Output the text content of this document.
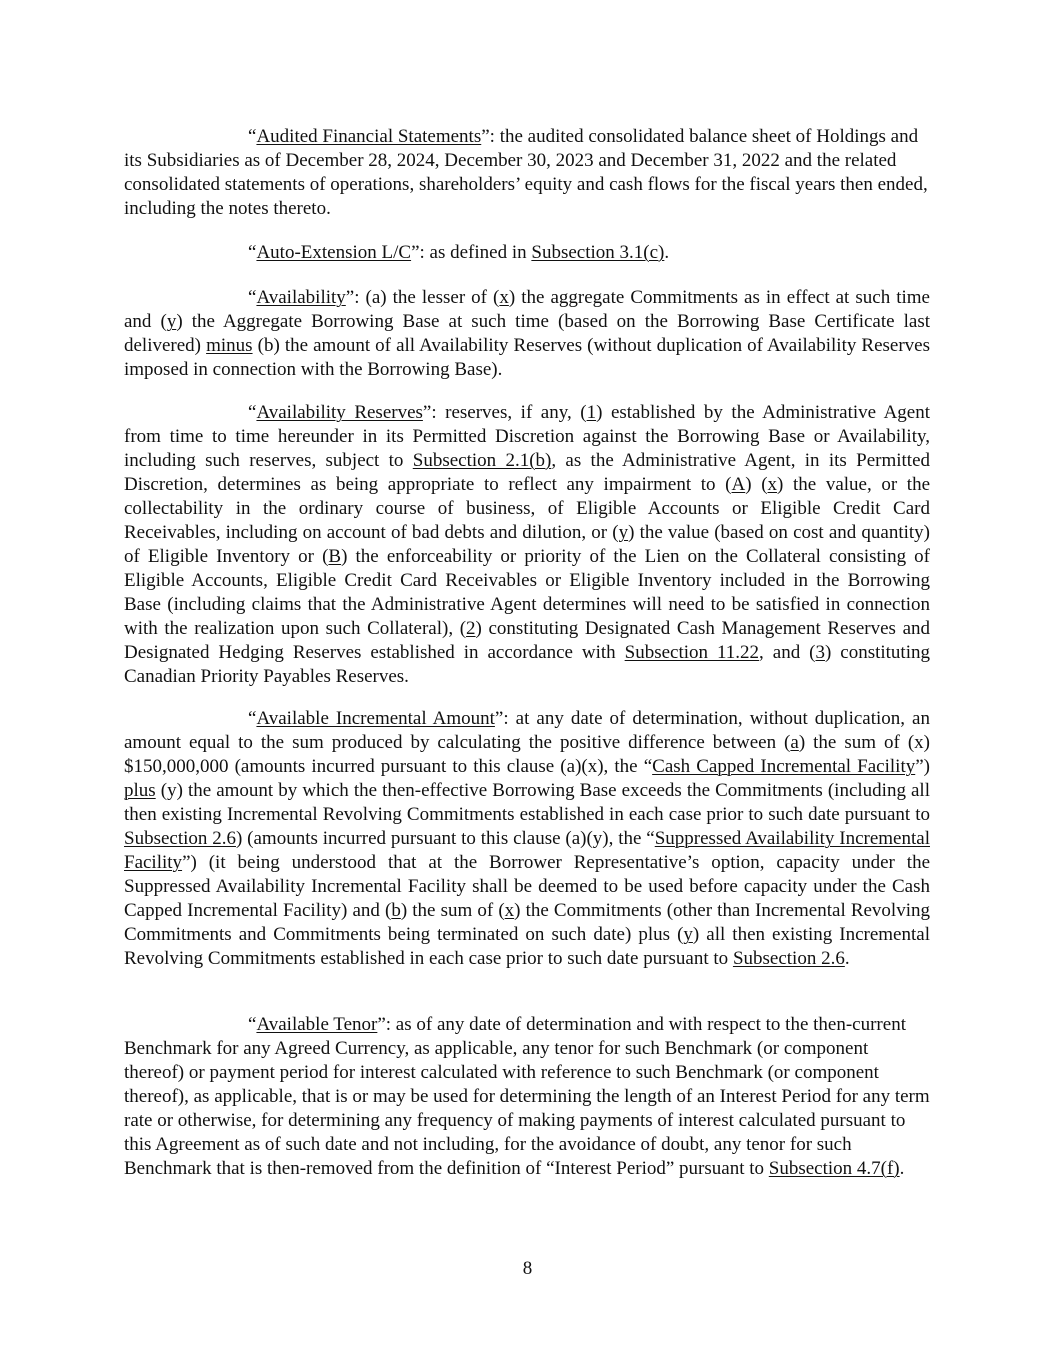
“Audited Financial Statements”: the audited consolidated balance sheet of Holdings and its Subsidiaries as of December 28, 2024, December 30, 2023 and December 31, 2022 and the related consolidated statements of operations, shareholders’ equity and cash flows for the fiscal years then ended, including the notes thereto.

“Auto-Extension L/C”: as defined in Subsection 3.1(c).

“Availability”: (a) the lesser of (x) the aggregate Commitments as in effect at such time and (y) the Aggregate Borrowing Base at such time (based on the Borrowing Base Certificate last delivered) minus (b) the amount of all Availability Reserves (without duplication of Availability Reserves imposed in connection with the Borrowing Base).

“Availability Reserves”: reserves, if any, (1) established by the Administrative Agent from time to time hereunder in its Permitted Discretion against the Borrowing Base or Availability, including such reserves, subject to Subsection 2.1(b), as the Administrative Agent, in its Permitted Discretion, determines as being appropriate to reflect any impairment to (A) (x) the value, or the collectability in the ordinary course of business, of Eligible Accounts or Eligible Credit Card Receivables, including on account of bad debts and dilution, or (y) the value (based on cost and quantity) of Eligible Inventory or (B) the enforceability or priority of the Lien on the Collateral consisting of Eligible Accounts, Eligible Credit Card Receivables or Eligible Inventory included in the Borrowing Base (including claims that the Administrative Agent determines will need to be satisfied in connection with the realization upon such Collateral), (2) constituting Designated Cash Management Reserves and Designated Hedging Reserves established in accordance with Subsection 11.22, and (3) constituting Canadian Priority Payables Reserves.

“Available Incremental Amount”: at any date of determination, without duplication, an amount equal to the sum produced by calculating the positive difference between (a) the sum of (x) $150,000,000 (amounts incurred pursuant to this clause (a)(x), the “Cash Capped Incremental Facility”) plus (y) the amount by which the then-effective Borrowing Base exceeds the Commitments (including all then existing Incremental Revolving Commitments established in each case prior to such date pursuant to Subsection 2.6) (amounts incurred pursuant to this clause (a)(y), the “Suppressed Availability Incremental Facility”) (it being understood that at the Borrower Representative’s option, capacity under the Suppressed Availability Incremental Facility shall be deemed to be used before capacity under the Cash Capped Incremental Facility) and (b) the sum of (x) the Commitments (other than Incremental Revolving Commitments and Commitments being terminated on such date) plus (y) all then existing Incremental Revolving Commitments established in each case prior to such date pursuant to Subsection 2.6.

“Available Tenor”: as of any date of determination and with respect to the then-current Benchmark for any Agreed Currency, as applicable, any tenor for such Benchmark (or component thereof) or payment period for interest calculated with reference to such Benchmark (or component thereof), as applicable, that is or may be used for determining the length of an Interest Period for any term rate or otherwise, for determining any frequency of making payments of interest calculated pursuant to this Agreement as of such date and not including, for the avoidance of doubt, any tenor for such Benchmark that is then-removed from the definition of “Interest Period” pursuant to Subsection 4.7(f).

8
